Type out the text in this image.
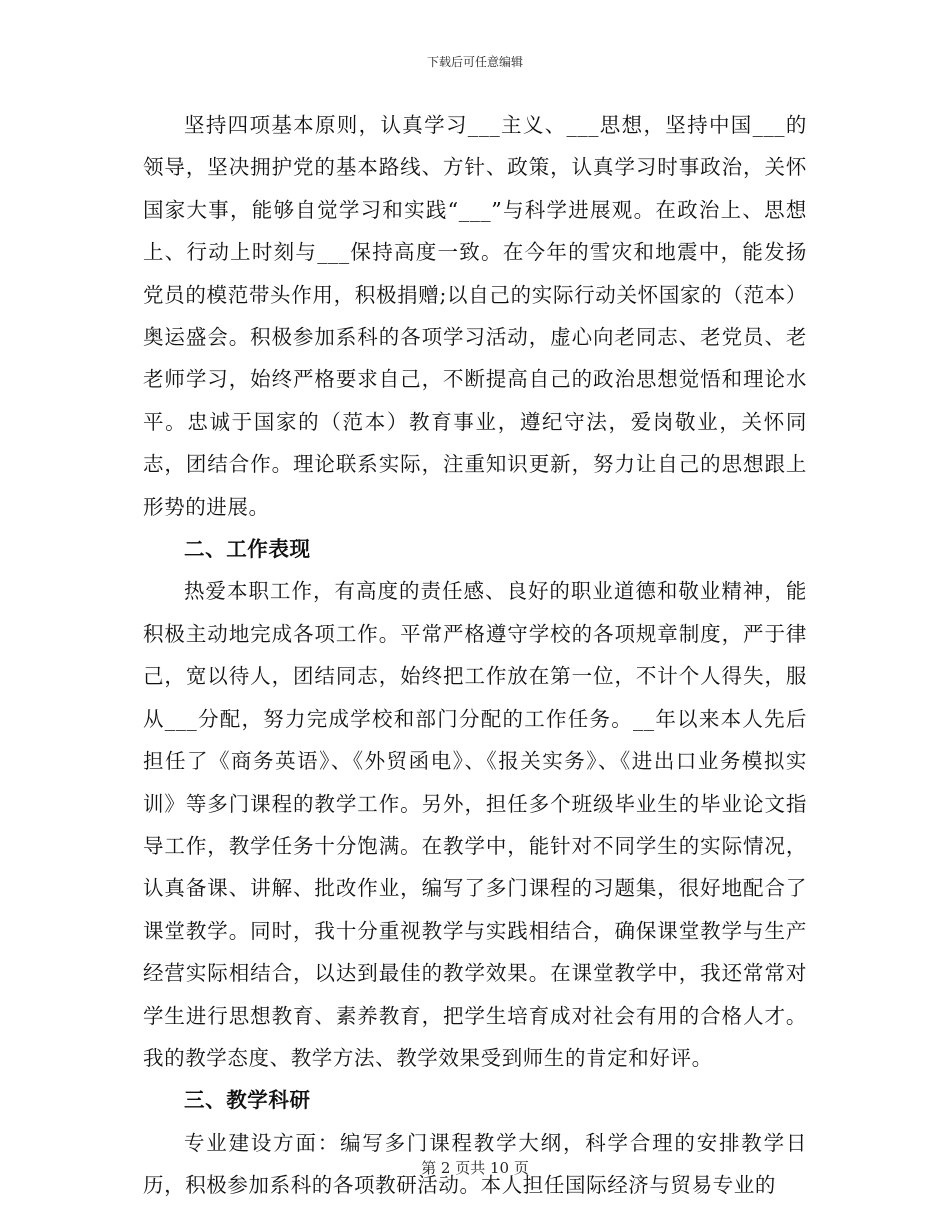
下载后可任意编辑

坚持四项基本原则，认真学习___主义、___思想，坚持中国___的领导，坚决拥护党的基本路线、方针、政策，认真学习时事政治，关怀国家大事，能够自觉学习和实践“___”与科学进展观。在政治上、思想上、行动上时刻与___保持高度一致。在今年的雪灾和地震中，能发扬党员的模范带头作用，积极捐赠;以自己的实际行动关怀国家的（范本）奥运盛会。积极参加系科的各项学习活动，虚心向老同志、老党员、老老师学习，始终严格要求自己，不断提高自己的政治思想觉悟和理论水平。忠诚于国家的（范本）教育事业，遵纪守法，爱岗敬业，关怀同志，团结合作。理论联系实际，注重知识更新，努力让自己的思想跟上形势的进展。

二、工作表现

热爱本职工作，有高度的责任感、良好的职业道德和敬业精神，能积极主动地完成各项工作。平常严格遵守学校的各项规章制度，严于律己，宽以待人，团结同志，始终把工作放在第一位，不计个人得失，服从___分配，努力完成学校和部门分配的工作任务。__年以来本人先后担任了《商务英语》、《外贸函电》、《报关实务》、《进出口业务模拟实训》等多门课程的教学工作。另外，担任多个班级毕业生的毕业论文指导工作，教学任务十分饱满。在教学中，能针对不同学生的实际情况，认真备课、讲解、批改作业，编写了多门课程的习题集，很好地配合了课堂教学。同时，我十分重视教学与实践相结合，确保课堂教学与生产经营实际相结合，以达到最佳的教学效果。在课堂教学中，我还常常对学生进行思想教育、素养教育，把学生培育成对社会有用的合格人才。我的教学态度、教学方法、教学效果受到师生的肯定和好评。

三、教学科研

专业建设方面：编写多门课程教学大纲，科学合理的安排教学日历，积极参加系科的各项教研活动。本人担任国际经济与贸易专业的

第 2 页共 10 页
